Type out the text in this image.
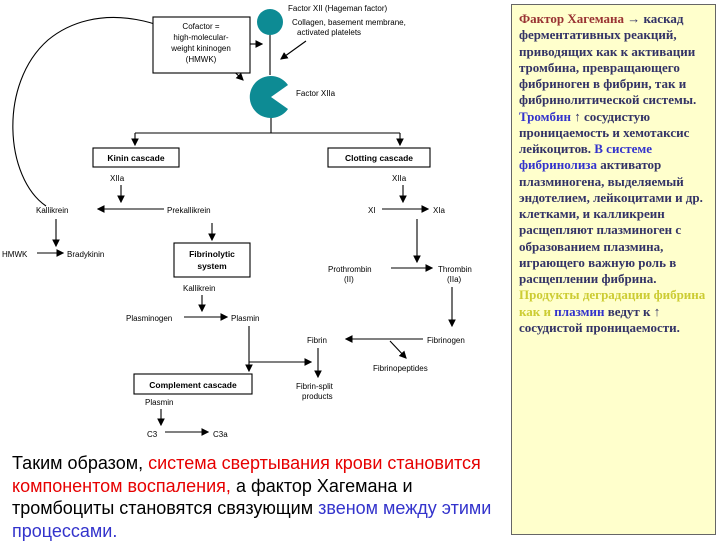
Factor XII (Hageman factor)
Cofactor =
high-molecular-
weight kininogen
(HMWK)
Collagen, basement membrane,
activated platelets
Factor XIIa
Kinin cascade	Clotting cascade
XIIa
Kallikrein	Prekallikrein
XIIa
XI	XIa
Prothrombin
(II)
Thrombin
(IIa)
Fibrinogen
Fibrin
Fibrinopeptides
Fibrin-split
products
HMWK	Bradykinin	Fibrinolytic
system
Kallikrein
Plasminogen	Plasmin
Complement cascade
Plasmin
C3	C3a

Фактор Хагемана → каскад ферментативных реакций, приводящих как к активации тромбина, превращающего фибриноген в фибрин, так и фибринолитической системы. Тромбин ↑ сосудистую проницаемость и хемотаксис лейкоцитов. В системе фибринолиза активатор плазминогена, выделяемый эндотелием, лейкоцитами и др. клетками, и калликреин расщепляют плазминоген с образованием плазмина, играющего важную роль в расщеплении фибрина. Продукты деградации фибрина как и плазмин ведут к ↑ сосудистой проницаемости.

Таким образом, система свертывания крови становится компонентом воспаления, а фактор Хагемана и тромбоциты становятся связующим звеном между этими процессами.
